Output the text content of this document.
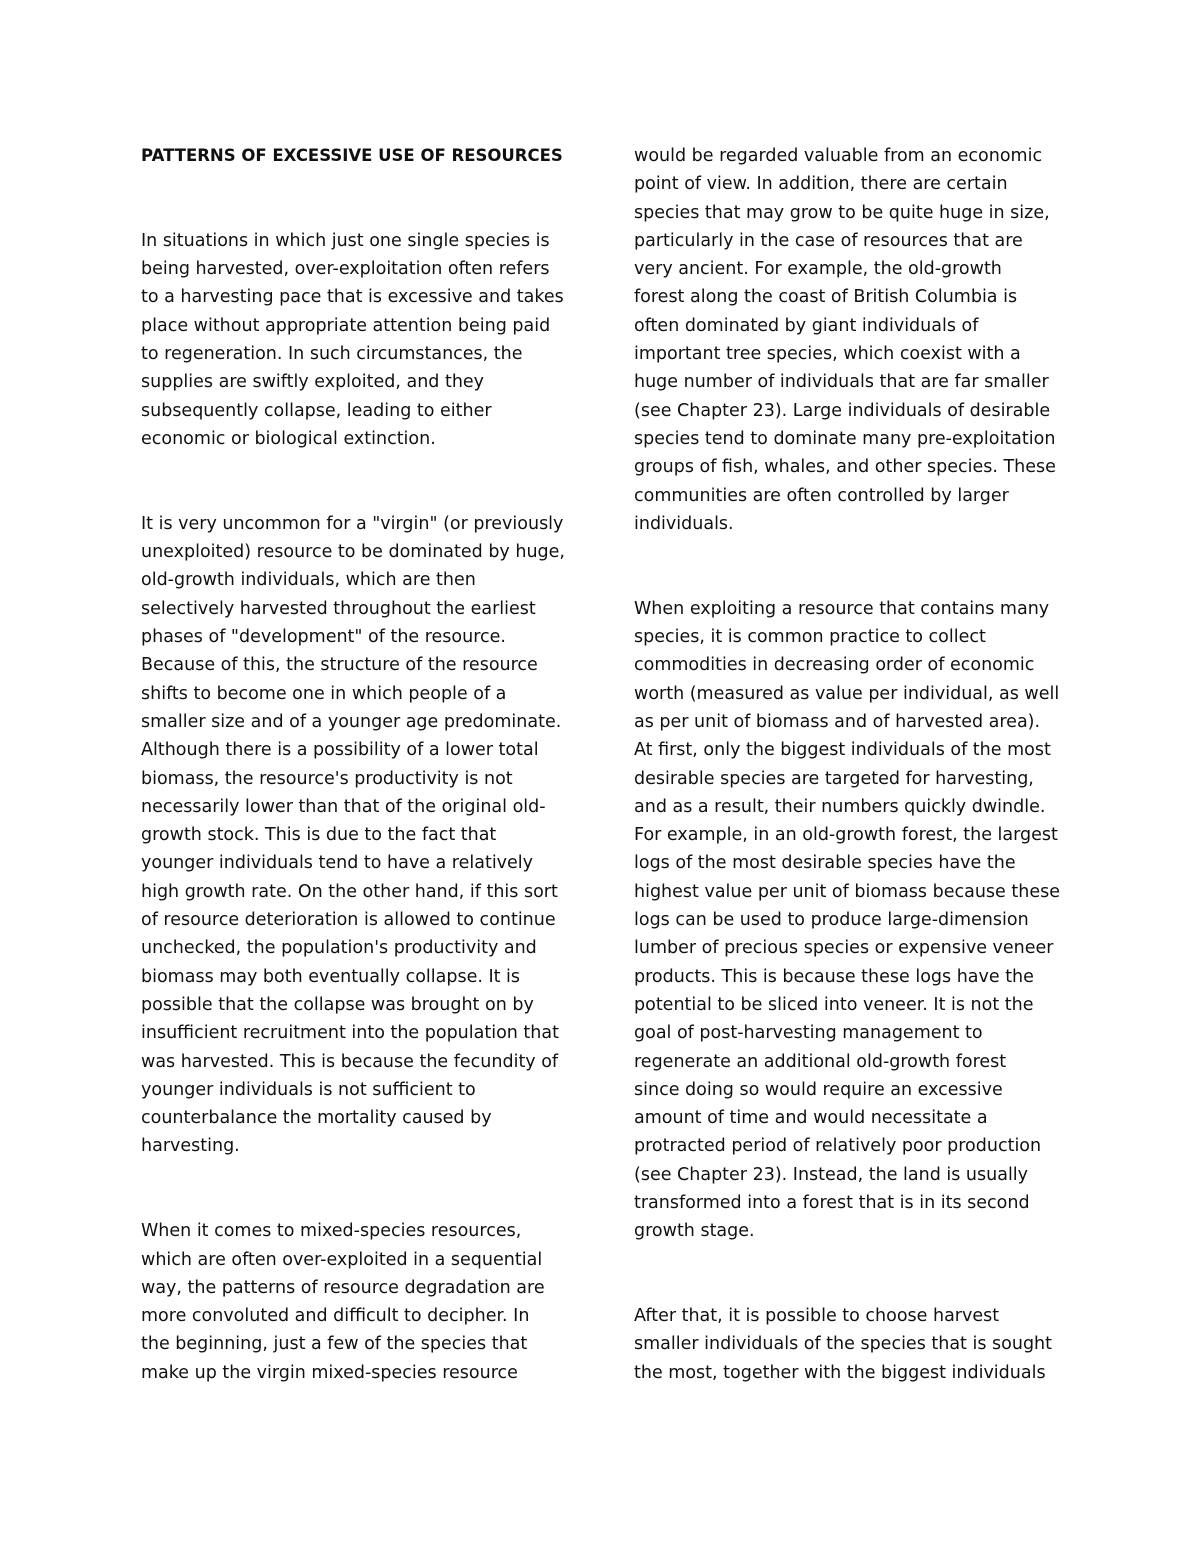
PATTERNS OF EXCESSIVE USE OF RESOURCES
In situations in which just one single species is
being harvested, over-exploitation often refers
to a harvesting pace that is excessive and takes
place without appropriate attention being paid
to regeneration. In such circumstances, the
supplies are swiftly exploited, and they
subsequently collapse, leading to either
economic or biological extinction.
It is very uncommon for a "virgin" (or previously
unexploited) resource to be dominated by huge,
old-growth individuals, which are then
selectively harvested throughout the earliest
phases of "development" of the resource.
Because of this, the structure of the resource
shifts to become one in which people of a
smaller size and of a younger age predominate.
Although there is a possibility of a lower total
biomass, the resource's productivity is not
necessarily lower than that of the original old-
growth stock. This is due to the fact that
younger individuals tend to have a relatively
high growth rate. On the other hand, if this sort
of resource deterioration is allowed to continue
unchecked, the population's productivity and
biomass may both eventually collapse. It is
possible that the collapse was brought on by
insufficient recruitment into the population that
was harvested. This is because the fecundity of
younger individuals is not sufficient to
counterbalance the mortality caused by
harvesting.
When it comes to mixed-species resources,
which are often over-exploited in a sequential
way, the patterns of resource degradation are
more convoluted and difficult to decipher. In
the beginning, just a few of the species that
make up the virgin mixed-species resource
would be regarded valuable from an economic
point of view. In addition, there are certain
species that may grow to be quite huge in size,
particularly in the case of resources that are
very ancient. For example, the old-growth
forest along the coast of British Columbia is
often dominated by giant individuals of
important tree species, which coexist with a
huge number of individuals that are far smaller
(see Chapter 23). Large individuals of desirable
species tend to dominate many pre-exploitation
groups of fish, whales, and other species. These
communities are often controlled by larger
individuals.
When exploiting a resource that contains many
species, it is common practice to collect
commodities in decreasing order of economic
worth (measured as value per individual, as well
as per unit of biomass and of harvested area).
At first, only the biggest individuals of the most
desirable species are targeted for harvesting,
and as a result, their numbers quickly dwindle.
For example, in an old-growth forest, the largest
logs of the most desirable species have the
highest value per unit of biomass because these
logs can be used to produce large-dimension
lumber of precious species or expensive veneer
products. This is because these logs have the
potential to be sliced into veneer. It is not the
goal of post-harvesting management to
regenerate an additional old-growth forest
since doing so would require an excessive
amount of time and would necessitate a
protracted period of relatively poor production
(see Chapter 23). Instead, the land is usually
transformed into a forest that is in its second
growth stage.
After that, it is possible to choose harvest
smaller individuals of the species that is sought
the most, together with the biggest individuals
